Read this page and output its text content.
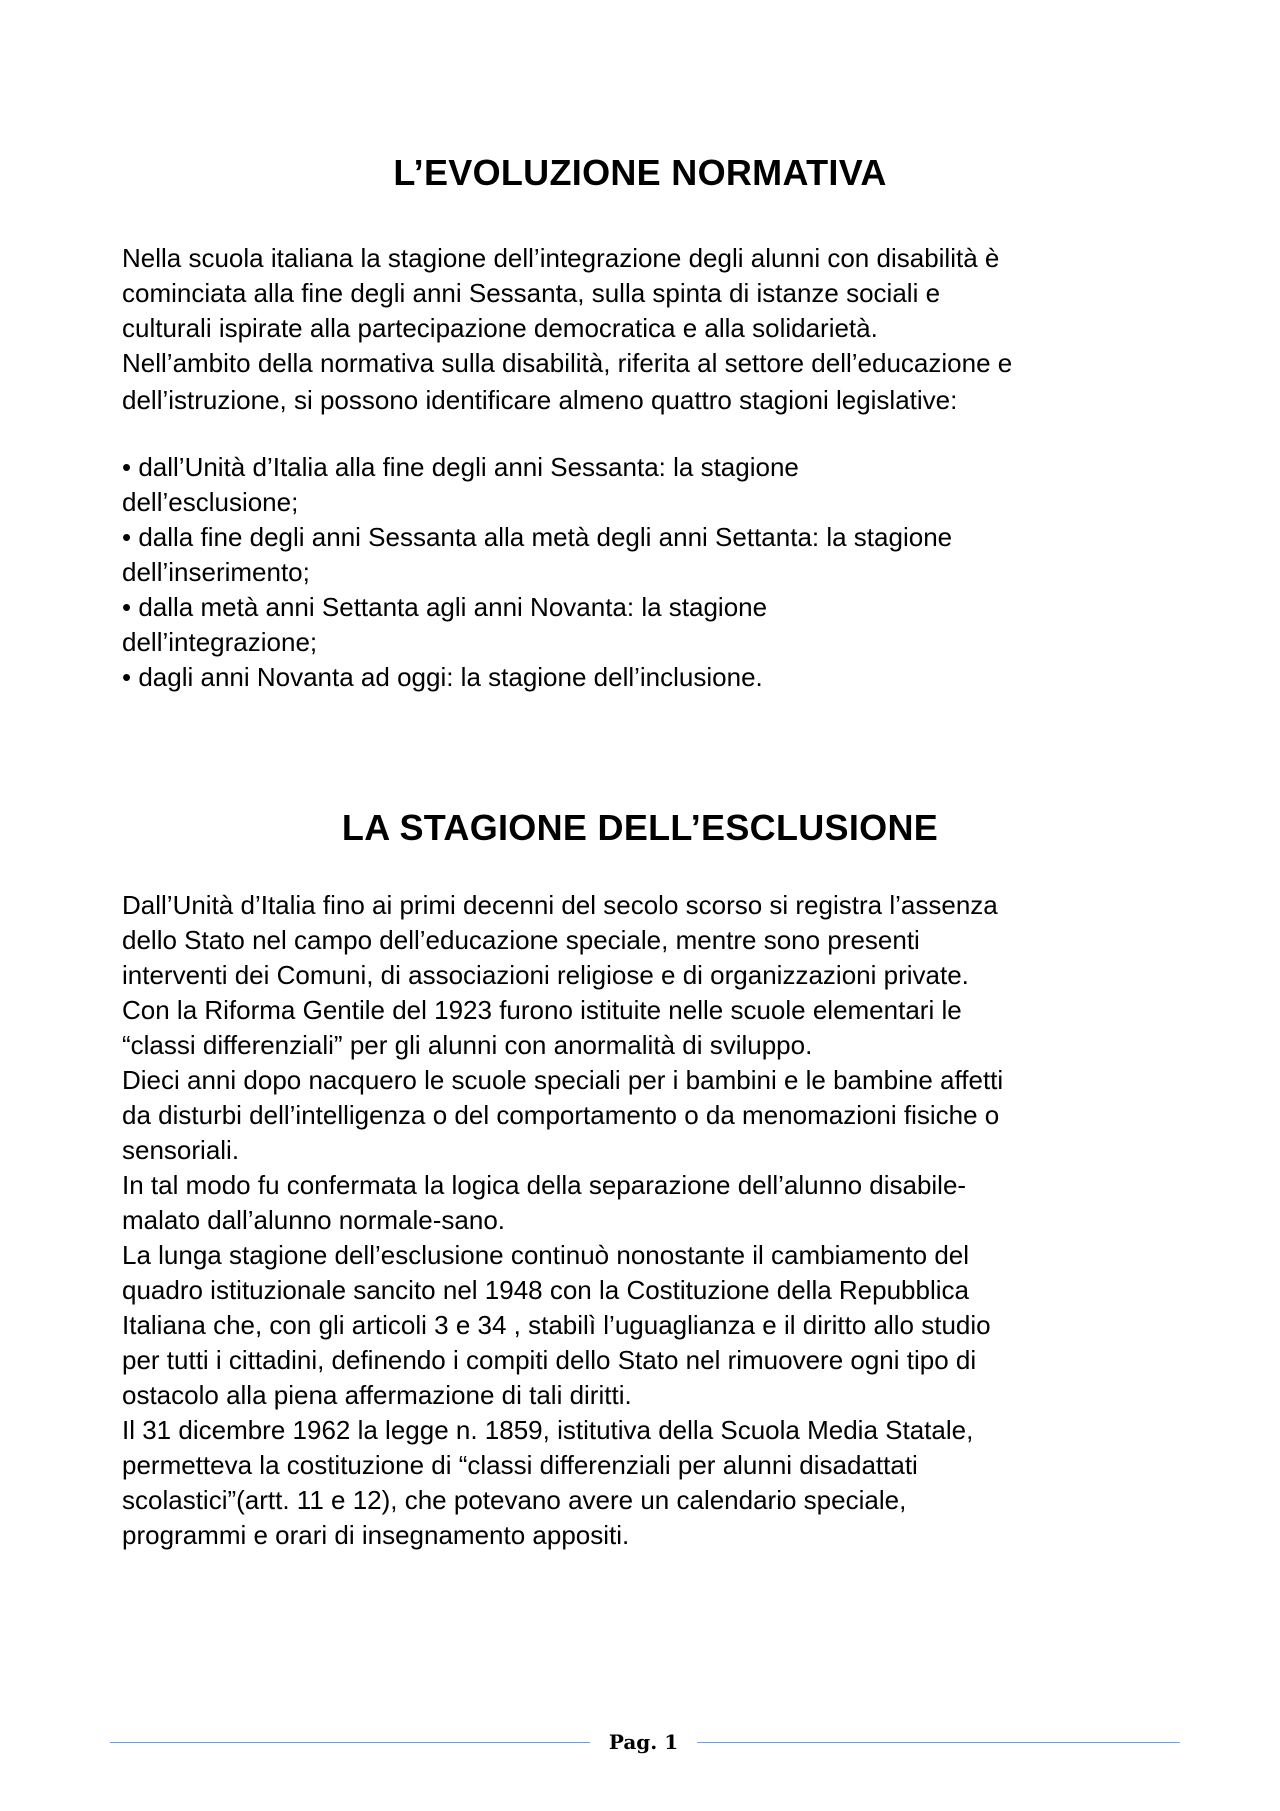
L’EVOLUZIONE NORMATIVA
Nella scuola italiana la stagione dell’integrazione degli alunni con disabilità è
cominciata alla fine degli anni Sessanta, sulla spinta di istanze sociali e
culturali ispirate alla partecipazione democratica e alla solidarietà.
Nell’ambito della normativa sulla disabilità, riferita al settore dell’educazione e
dell’istruzione, si possono identificare almeno quattro stagioni legislative:
• dall’Unità d’Italia alla fine degli anni Sessanta: la stagione
dell’esclusione;
• dalla fine degli anni Sessanta alla metà degli anni Settanta: la stagione
dell’inserimento;
• dalla metà anni Settanta agli anni Novanta: la stagione
dell’integrazione;
• dagli anni Novanta ad oggi: la stagione dell’inclusione.
LA STAGIONE DELL’ESCLUSIONE
Dall’Unità d’Italia fino ai primi decenni del secolo scorso si registra l’assenza
dello Stato nel campo dell’educazione speciale, mentre sono presenti
interventi dei Comuni, di associazioni religiose e di organizzazioni private.
Con la Riforma Gentile del 1923 furono istituite nelle scuole elementari le
“classi differenziali” per gli alunni con anormalità di sviluppo.
Dieci anni dopo nacquero le scuole speciali per i bambini e le bambine affetti
da disturbi dell’intelligenza o del comportamento o da menomazioni fisiche o
sensoriali.
In tal modo fu confermata la logica della separazione dell’alunno disabile-
malato dall’alunno normale-sano.
La lunga stagione dell’esclusione continuò nonostante il cambiamento del
quadro istituzionale sancito nel 1948 con la Costituzione della Repubblica
Italiana che, con gli articoli 3 e 34 , stabilì l’uguaglianza e il diritto allo studio
per tutti i cittadini, definendo i compiti dello Stato nel rimuovere ogni tipo di
ostacolo alla piena affermazione di tali diritti.
Il 31 dicembre 1962 la legge n. 1859, istitutiva della Scuola Media Statale,
permetteva la costituzione di “classi differenziali per alunni disadattati
scolastici”(artt. 11 e 12), che potevano avere un calendario speciale,
programmi e orari di insegnamento appositi.
Pag. 1
